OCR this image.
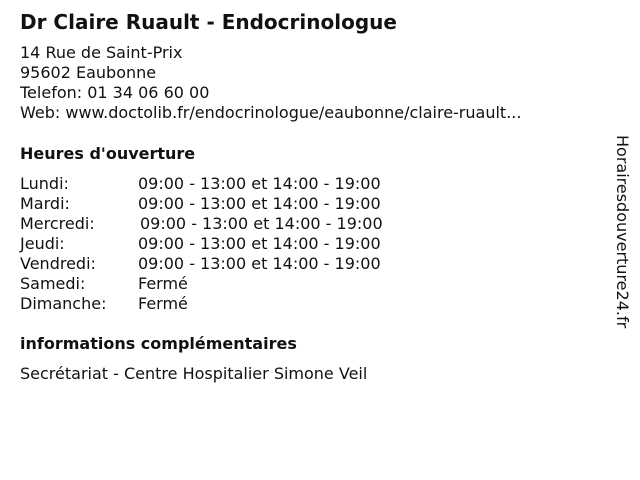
Dr Claire Ruault - Endocrinologue
14 Rue de Saint-Prix
95602 Eaubonne
Telefon: 01 34 06 60 00
Web: www.doctolib.fr/endocrinologue/eaubonne/claire-ruault...
Heures d'ouverture
Lundi:	09:00 - 13:00 et 14:00 - 19:00
Mardi:	09:00 - 13:00 et 14:00 - 19:00
Mercredi:	09:00 - 13:00 et 14:00 - 19:00
Jeudi:	09:00 - 13:00 et 14:00 - 19:00
Vendredi:	09:00 - 13:00 et 14:00 - 19:00
Samedi:	Fermé
Dimanche: Fermé
informations complémentaires
Secrétariat - Centre Hospitalier Simone Veil
Horairesdouverture24.fr
